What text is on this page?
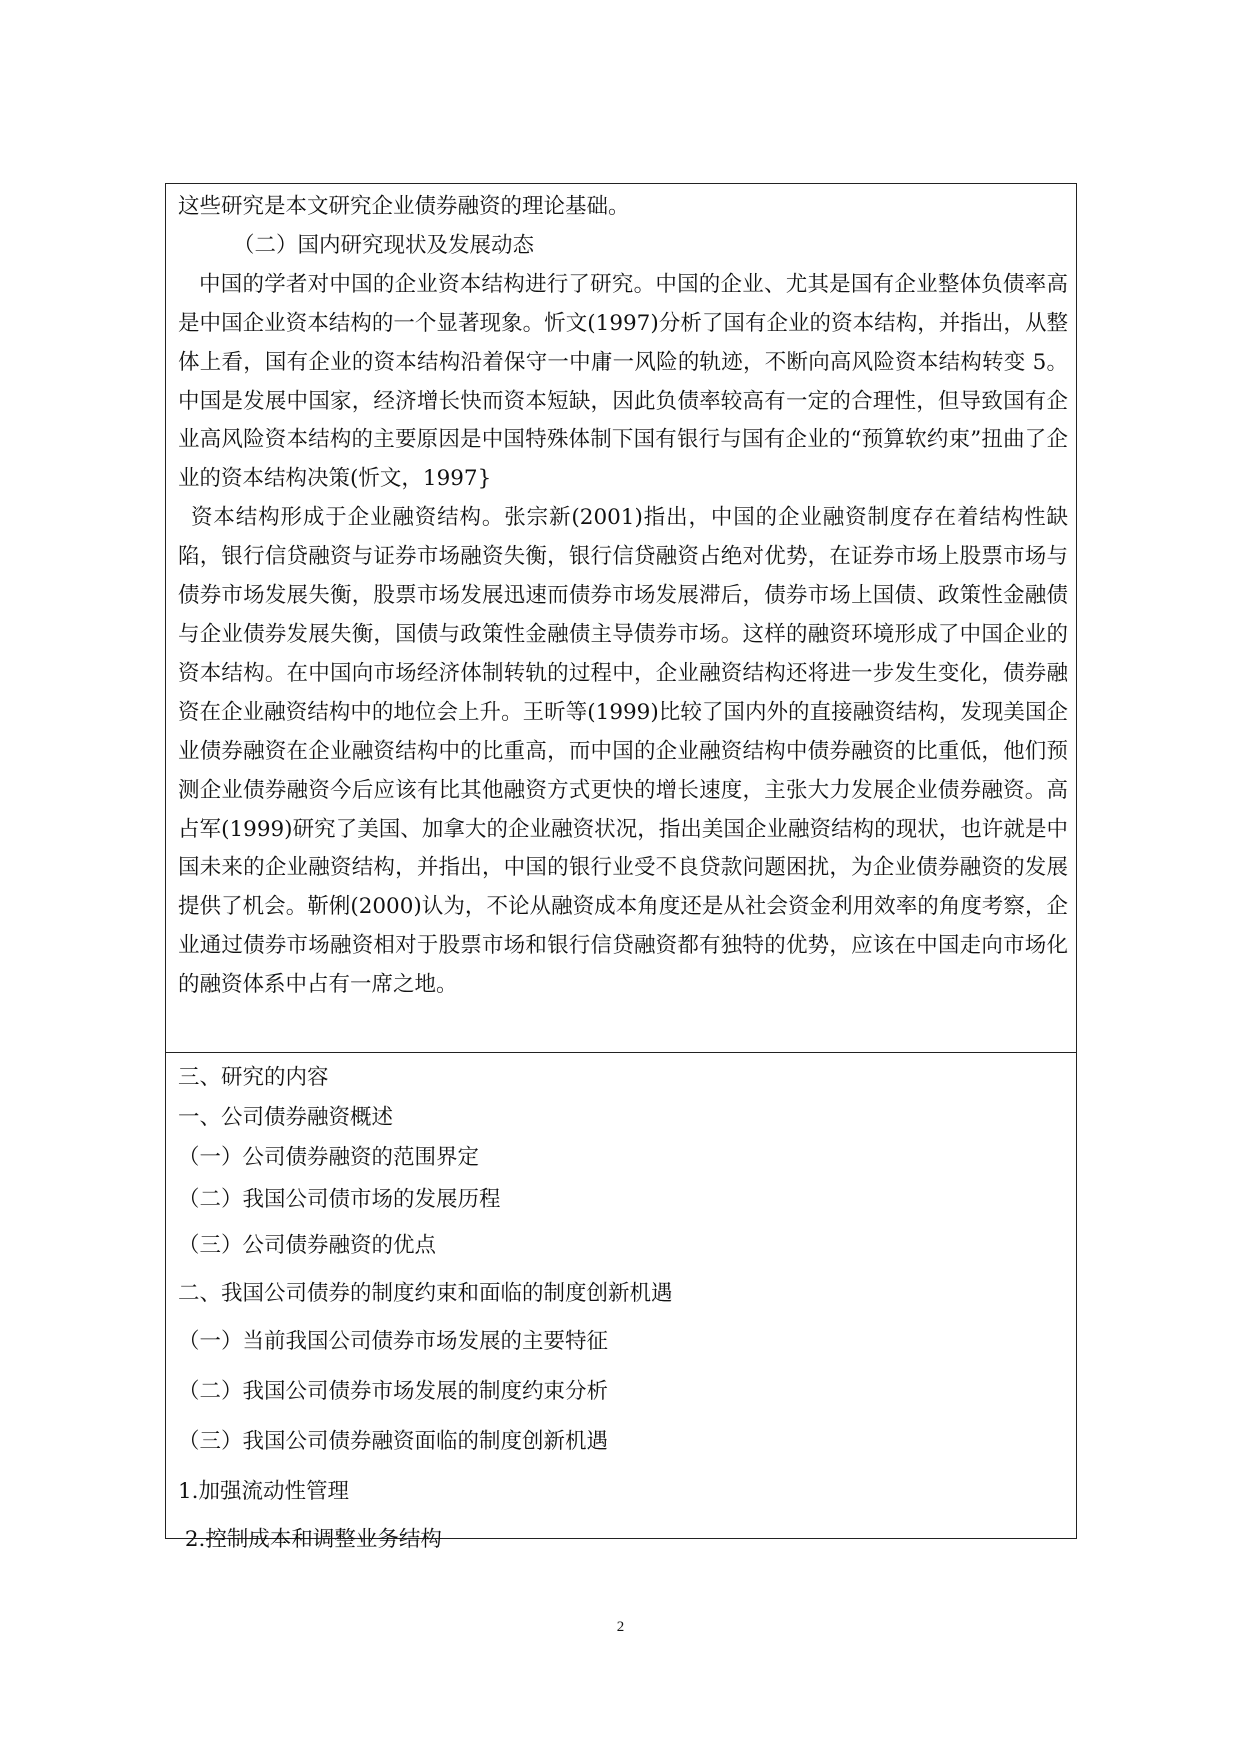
这些研究是本文研究企业债券融资的理论基础。

（二）国内研究现状及发展动态

中国的学者对中国的企业资本结构进行了研究。中国的企业、尤其是国有企业整体负债率高是中国企业资本结构的一个显著现象。忻文(1997)分析了国有企业的资本结构，并指出，从整体上看，国有企业的资本结构沿着保守一中庸一风险的轨迹，不断向高风险资本结构转变 5。中国是发展中国家，经济增长快而资本短缺，因此负债率较高有一定的合理性，但导致国有企业高风险资本结构的主要原因是中国特殊体制下国有银行与国有企业的“预算软约束”扭曲了企业的资本结构决策(忻文，1997}

资本结构形成于企业融资结构。张宗新(2001)指出，中国的企业融资制度存在着结构性缺陷，银行信贷融资与证券市场融资失衡，银行信贷融资占绝对优势，在证券市场上股票市场与债券市场发展失衡，股票市场发展迅速而债券市场发展滞后，债券市场上国债、政策性金融债与企业债券发展失衡，国债与政策性金融债主导债券市场。这样的融资环境形成了中国企业的资本结构。在中国向市场经济体制转轨的过程中，企业融资结构还将进一步发生变化，债券融资在企业融资结构中的地位会上升。王昕等(1999)比较了国内外的直接融资结构，发现美国企业债券融资在企业融资结构中的比重高，而中国的企业融资结构中债券融资的比重低，他们预测企业债券融资今后应该有比其他融资方式更快的增长速度，主张大力发展企业债券融资。高占军(1999)研究了美国、加拿大的企业融资状况，指出美国企业融资结构的现状，也许就是中国未来的企业融资结构，并指出，中国的银行业受不良贷款问题困扰，为企业债券融资的发展提供了机会。靳俐(2000)认为，不论从融资成本角度还是从社会资金利用效率的角度考察，企业通过债券市场融资相对于股票市场和银行信贷融资都有独特的优势，应该在中国走向市场化的融资体系中占有一席之地。

三、研究的内容
一、公司债券融资概述
（一）公司债券融资的范围界定
（二）我国公司债市场的发展历程
（三）公司债券融资的优点
二、我国公司债券的制度约束和面临的制度创新机遇
（一）当前我国公司债券市场发展的主要特征
（二）我国公司债券市场发展的制度约束分析
（三）我国公司债券融资面临的制度创新机遇
1.加强流动性管理
2.控制成本和调整业务结构
2
